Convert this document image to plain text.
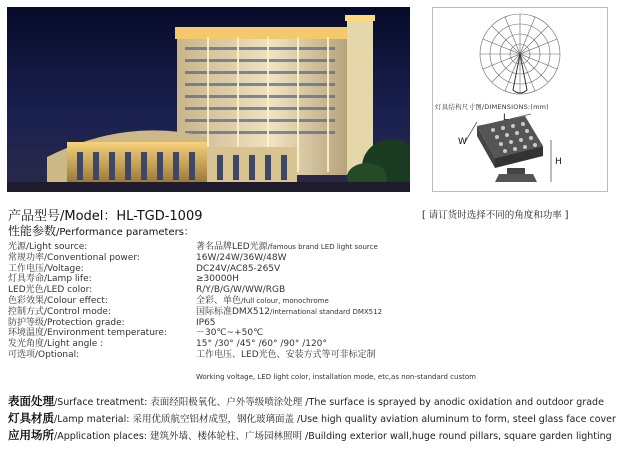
灯具结构尺寸图/DIMENSIONS:(mm)
L
W
H
产品型号/Model：HL-TGD-1009	[ 请订货时选择不同的角度和功率 ]
性能参数/Performance parameters：
光源/Light source:	著名品牌LED光源/famous brand LED light source
常规功率/Conventional power:	16W/24W/36W/48W
工作电压/Voltage:	DC24V/AC85-265V
灯具寿命/Lamp life:	≥30000H
LED光色/LED color:	R/Y/B/G/W/WW/RGB
色彩效果/Colour effect:	全彩、单色/full colour, monochrome
控制方式/Control mode:	国际标准DMX512/international standard DMX512
防护等级/Protection grade:	IP65
环境温度/Environment temperature:	－30℃~+50℃
发光角度/Light angle :	15° /30° /45° /60° /90° /120°
可选项/Optional:	工作电压、LED光色、安装方式等可非标定制
Working voltage, LED light color, installation mode, etc,as non-standard custom
表面处理/Surface treatment: 表面经阳极氧化、户外等级喷涂处理 /The surface is sprayed by anodic oxidation and outdoor grade
灯具材质/Lamp material: 采用优质航空铝材成型，钢化玻璃面盖 /Use high quality aviation aluminum to form, steel glass face cover
应用场所/Application places: 建筑外墙、楼体轮柱、广场园林照明 /Building exterior wall,huge round pillars, square garden lighting
